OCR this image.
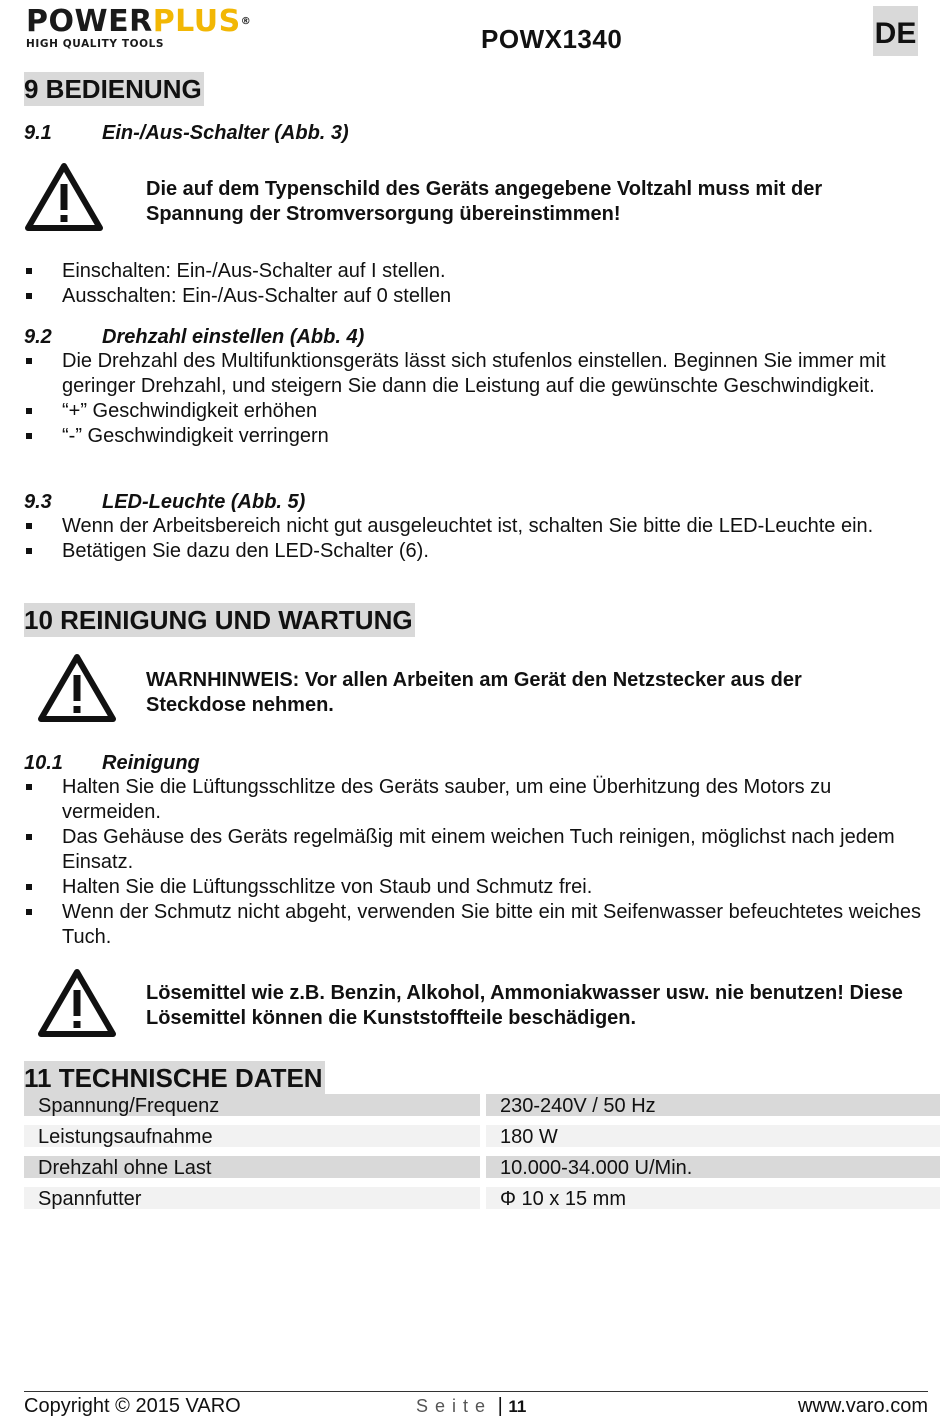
POWERPLUS®
HIGH QUALITY TOOLS	POWX1340	DE
9 BEDIENUNG
9.1	Ein-/Aus-Schalter (Abb. 3)
Die auf dem Typenschild des Geräts angegebene Voltzahl muss mit der Spannung der Stromversorgung übereinstimmen!
Einschalten: Ein-/Aus-Schalter auf I stellen.
Ausschalten: Ein-/Aus-Schalter auf 0 stellen
9.2	Drehzahl einstellen (Abb. 4)
Die Drehzahl des Multifunktionsgeräts lässt sich stufenlos einstellen. Beginnen Sie immer mit geringer Drehzahl, und steigern Sie dann die Leistung auf die gewünschte Geschwindigkeit.
“+” Geschwindigkeit erhöhen
“-” Geschwindigkeit verringern
9.3	LED-Leuchte (Abb. 5)
Wenn der Arbeitsbereich nicht gut ausgeleuchtet ist, schalten Sie bitte die LED-Leuchte ein.
Betätigen Sie dazu den LED-Schalter (6).
10 REINIGUNG UND WARTUNG
WARNHINWEIS: Vor allen Arbeiten am Gerät den Netzstecker aus der Steckdose nehmen.
10.1 Reinigung
Halten Sie die Lüftungsschlitze des Geräts sauber, um eine Überhitzung des Motors zu vermeiden.
Das Gehäuse des Geräts regelmäßig mit einem weichen Tuch reinigen, möglichst nach jedem Einsatz.
Halten Sie die Lüftungsschlitze von Staub und Schmutz frei.
Wenn der Schmutz nicht abgeht, verwenden Sie bitte ein mit Seifenwasser befeuchtetes weiches Tuch.
Lösemittel wie z.B. Benzin, Alkohol, Ammoniakwasser usw. nie benutzen! Diese Lösemittel können die Kunststoffteile beschädigen.
11 TECHNISCHE DATEN
Spannung/Frequenz	230-240V / 50 Hz
Leistungsaufnahme	180 W
Drehzahl ohne Last	10.000-34.000 U/Min.
Spannfutter	Φ 10 x 15 mm
Copyright © 2015 VARO	Seite | 11	www.varo.com
